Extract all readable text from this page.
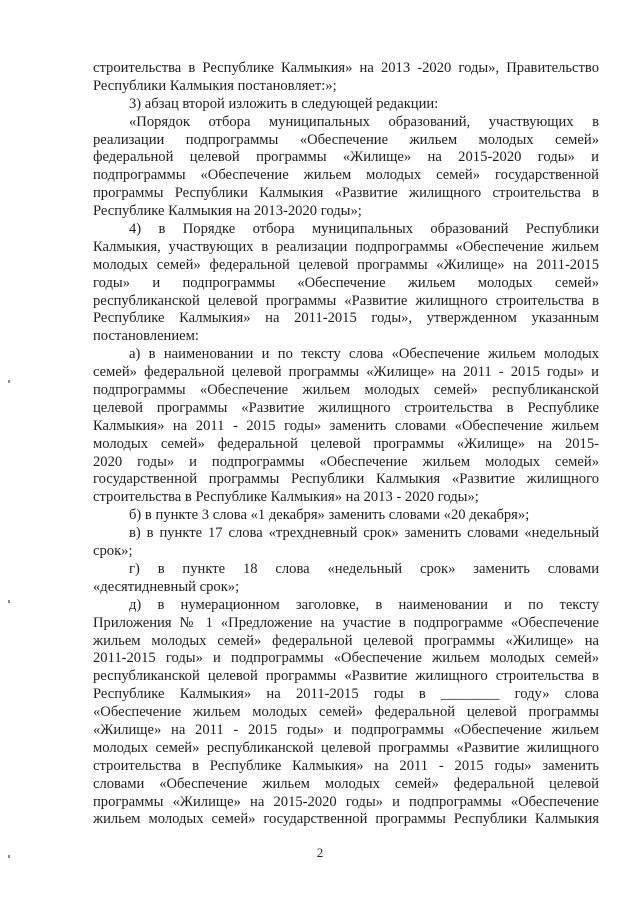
строительства в Республике Калмыкия» на 2013 -2020 годы», Правительство
Республики Калмыкия постановляет:»;
3) абзац второй изложить в следующей редакции:
«Порядок отбора муниципальных образований, участвующих в
реализации подпрограммы «Обеспечение жильем молодых семей»
федеральной целевой программы «Жилище» на 2015-2020 годы» и
подпрограммы «Обеспечение жильем молодых семей» государственной
программы Республики Калмыкия «Развитие жилищного строительства в
Республике Калмыкия на 2013-2020 годы»;
4) в Порядке отбора муниципальных образований Республики
Калмыкия, участвующих в реализации подпрограммы «Обеспечение жильем
молодых семей» федеральной целевой программы «Жилище» на 2011-2015
годы» и подпрограммы «Обеспечение жильем молодых семей»
республиканской целевой программы «Развитие жилищного строительства в
Республике Калмыкия» на 2011-2015 годы», утвержденном указанным
постановлением:
а) в наименовании и по тексту слова «Обеспечение жильем молодых
семей» федеральной целевой программы «Жилище» на 2011 - 2015 годы» и
подпрограммы «Обеспечение жильем молодых семей» республиканской
целевой программы «Развитие жилищного строительства в Республике
Калмыкия» на 2011 - 2015 годы» заменить словами «Обеспечение жильем
молодых семей» федеральной целевой программы «Жилище» на 2015-
2020 годы» и подпрограммы «Обеспечение жильем молодых семей»
государственной программы Республики Калмыкия «Развитие жилищного
строительства в Республике Калмыкия» на 2013 - 2020 годы»;
б) в пункте 3 слова «1 декабря» заменить словами «20 декабря»;
в) в пункте 17 слова «трехдневный срок» заменить словами «недельный
срок»;
г) в пункте 18 слова «недельный срок» заменить словами
«десятидневный срок»;
д) в нумерационном заголовке, в наименовании и по тексту
Приложения № 1 «Предложение на участие в подпрограмме «Обеспечение
жильем молодых семей» федеральной целевой программы «Жилище» на
2011-2015 годы» и подпрограммы «Обеспечение жильем молодых семей»
республиканской целевой программы «Развитие жилищного строительства в
Республике Калмыкия» на 2011-2015 годы в ________ году» слова
«Обеспечение жильем молодых семей» федеральной целевой программы
«Жилище» на 2011 - 2015 годы» и подпрограммы «Обеспечение жильем
молодых семей» республиканской целевой программы «Развитие жилищного
строительства в Республике Калмыкия» на 2011 - 2015 годы» заменить
словами «Обеспечение жильем молодых семей» федеральной целевой
программы «Жилище» на 2015-2020 годы» и подпрограммы «Обеспечение
жильем молодых семей» государственной программы Республики Калмыкия
2
